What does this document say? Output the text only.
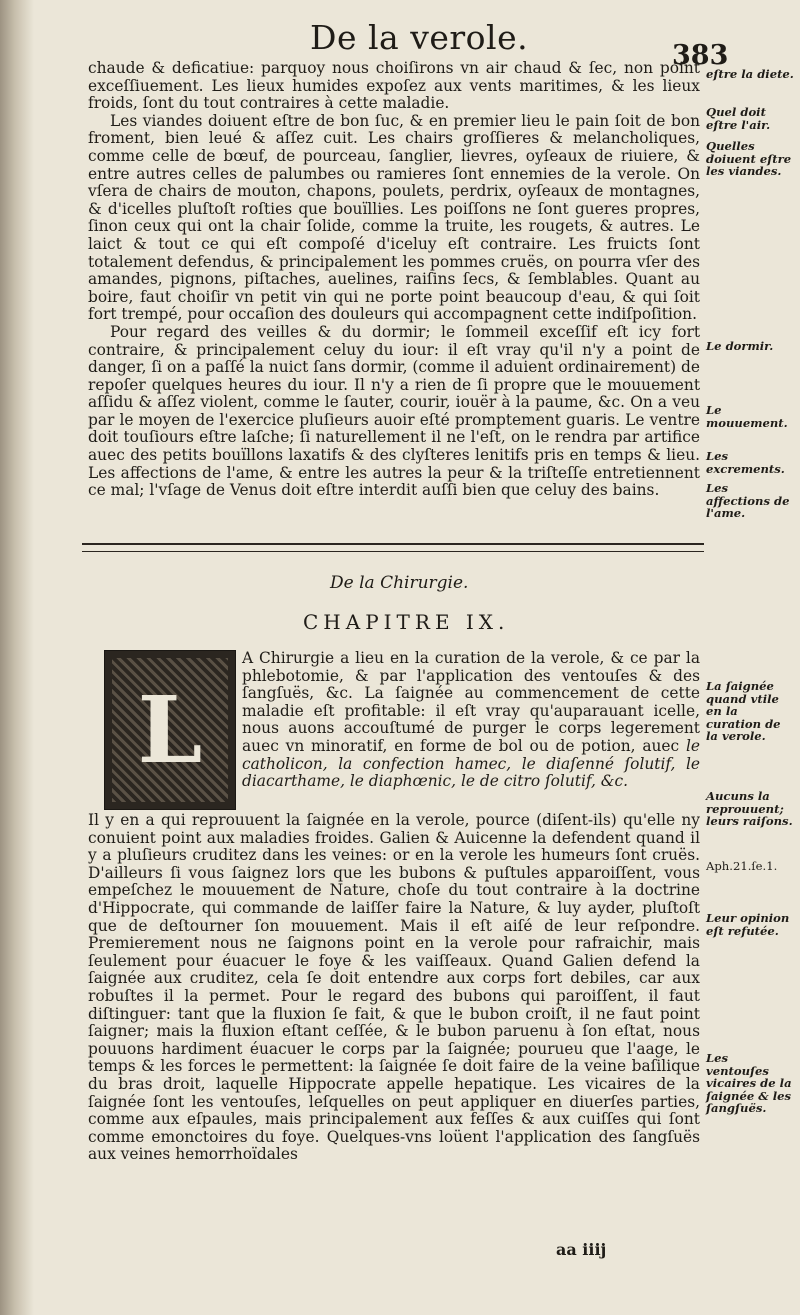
De la verole.	383

chaude & deficatiue: parquoy nous choiſirons vn air chaud & ſec, non point exceſſiuement. Les lieux humides expoſez aux vents maritimes, & les lieux froids, ſont du tout contraires à cette maladie.

Les viandes doiuent eſtre de bon ſuc, & en premier lieu le pain ſoit de bon froment, bien leué & aſſez cuit. Les chairs groſſieres & melancholiques, comme celle de bœuf, de pourceau, ſanglier, lievres, oyſeaux de riuiere, & entre autres celles de palumbes ou ramieres ſont ennemies de la verole. On vſera de chairs de mouton, chapons, poulets, perdrix, oyſeaux de montagnes, & d'icelles pluſtoſt roſties que bouïllies. Les poiſſons ne ſont gueres propres, ſinon ceux qui ont la chair ſolide, comme la truite, les rougets, & autres. Le laict & tout ce qui eſt compoſé d'iceluy eſt contraire. Les fruicts ſont totalement defendus, & principalement les pommes cruës, on pourra vſer des amandes, pignons, piſtaches, auelines, raiſins ſecs, & ſemblables. Quant au boire, faut choiſir vn petit vin qui ne porte point beaucoup d'eau, & qui ſoit fort trempé, pour occaſion des douleurs qui accompagnent cette indiſpoſition.

Pour regard des veilles & du dormir; le ſommeil exceſſif eſt icy fort contraire, & principalement celuy du iour: il eſt vray qu'il n'y a point de danger, ſi on a paſſé la nuict ſans dormir, (comme il aduient ordinairement) de repoſer quelques heures du iour. Il n'y a rien de ſi propre que le mouuement aſſidu & aſſez violent, comme le ſauter, courir, iouër à la paume, &c. On a veu par le moyen de l'exercice pluſieurs auoir eſté promptement guaris. Le ventre doit touſiours eſtre laſche; ſi naturellement il ne l'eſt, on le rendra par artifice auec des petits bouïllons laxatifs & des clyſteres lenitifs pris en temps & lieu. Les affections de l'ame, & entre les autres la peur & la triſteſſe entretiennent ce mal; l'vſage de Venus doit eſtre interdit auſſi bien que celuy des bains.

eſtre la diete.
Quel doit eſtre l'air.
Quelles doiuent eſtre les viandes.
Le dormir.
Le mouuement.
Les excrements.
Les affections de l'ame.
De la Chirurgie.
CHAPITRE IX.
L

A Chirurgie a lieu en la curation de la verole, & ce par la phlebotomie, & par l'application des ventouſes & des ſangſuës, &c. La ſaignée au commencement de cette maladie eſt profitable: il eſt vray qu'auparauant icelle, nous auons accouſtumé de purger le corps legerement auec vn minoratif, en forme de bol ou de potion, auec le catholicon, la confection hamec, le diaſenné ſolutif, le diacarthame, le diaphœnic, le de citro ſolutif, &c.

Il y en a qui reprouuent la ſaignée en la verole, pource (diſent-ils) qu'elle ny conuient point aux maladies froides. Galien & Auicenne la defendent quand il y a pluſieurs cruditez dans les veines: or en la verole les humeurs ſont cruës. D'ailleurs ſi vous ſaignez lors que les bubons & puſtules apparoiſſent, vous empeſchez le mouuement de Nature, choſe du tout contraire à la doctrine d'Hippocrate, qui commande de laiſſer faire la Nature, & luy ayder, pluſtoſt que de deſtourner ſon mouuement. Mais il eſt aiſé de leur reſpondre. Premierement nous ne ſaignons point en la verole pour rafraichir, mais ſeulement pour éuacuer le foye & les vaiſſeaux. Quand Galien defend la ſaignée aux cruditez, cela ſe doit entendre aux corps fort debiles, car aux robuſtes il la permet. Pour le regard des bubons qui paroiſſent, il faut diſtinguer: tant que la fluxion ſe fait, & que le bubon croiſt, il ne faut point ſaigner; mais la fluxion eſtant ceſſée, & le bubon paruenu à ſon eſtat, nous pouuons hardiment éuacuer le corps par la ſaignée; pourueu que l'aage, le temps & les forces le permettent: la ſaignée ſe doit faire de la veine baſilique du bras droit, laquelle Hippocrate appelle hepatique. Les vicaires de la ſaignée ſont les ventouſes, leſquelles on peut appliquer en diuerſes parties, comme aux eſpaules, mais principalement aux feſſes & aux cuiſſes qui ſont comme emonctoires du foye. Quelques-vns loüent l'application des ſangſuës aux veines hemorrhoïdales

La ſaignée quand vtile en la curation de la verole.
Aucuns la reprouuent; leurs raiſons.
Aph.21.ſe.1.
Leur opinion eſt refutée.
Les ventouſes vicaires de la ſaignée & les ſangſuës.
aa iiij
